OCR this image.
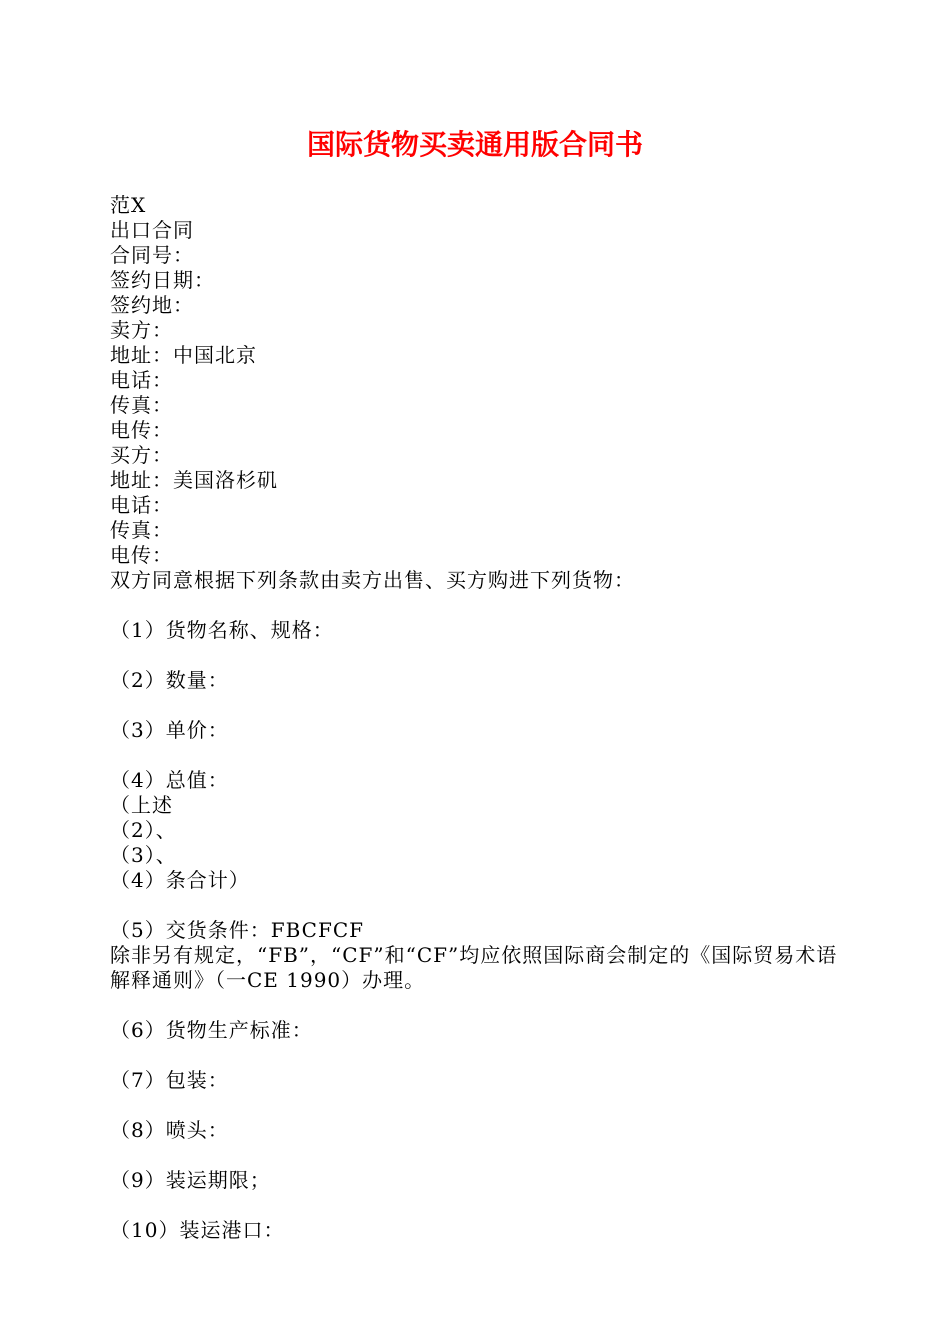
国际货物买卖通用版合同书
范X
出口合同
合同号：
签约日期：
签约地：
卖方：
地址：中国北京
电话：
传真：
电传：
买方：
地址：美国洛杉矶
电话：
传真：
电传：
双方同意根据下列条款由卖方出售、买方购进下列货物：
（1）货物名称、规格：
（2）数量：
（3）单价：
（4）总值：
（上述
（2）、
（3）、
（4）条合计）
（5）交货条件：FBCFCF
除非另有规定，“FB”，“CF”和“CF”均应依照国际商会制定的《国际贸易术语解释通则》（一CE 1990）办理。
（6）货物生产标准：
（7）包装：
（8）喷头：
（9）装运期限；
（10）装运港口：
